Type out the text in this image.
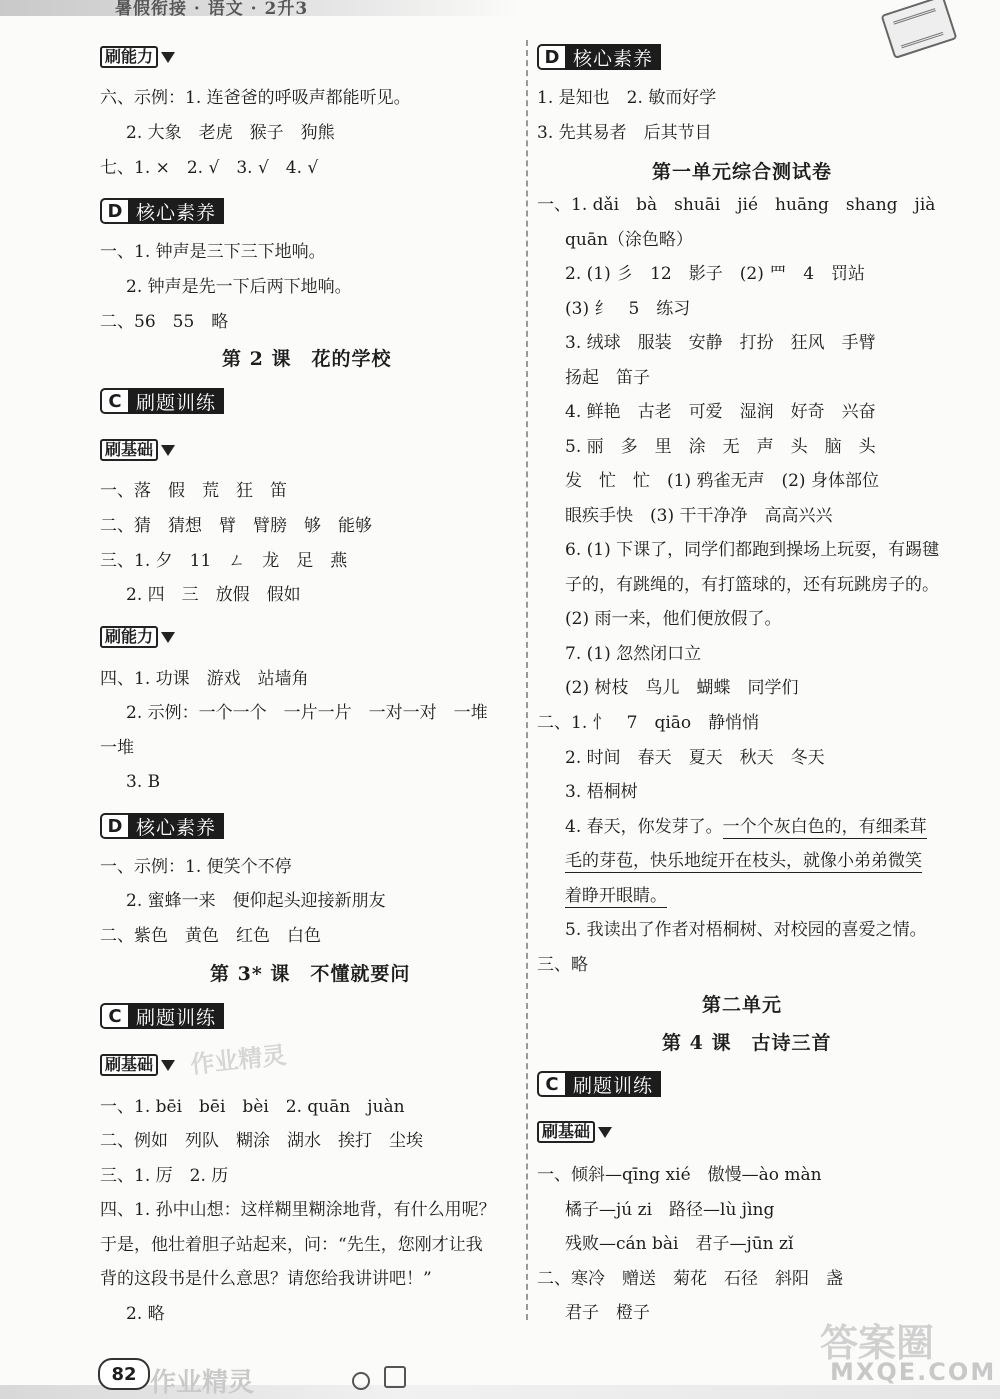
暑假衔接 · 语文 · 2升3
刷能力
六、示例：1. 连爸爸的呼吸声都能听见。
2. 大象　老虎　猴子　狗熊
七、1. ×　2. √　3. √　4. √
D 核心素养
一、1. 钟声是三下三下地响。
2. 钟声是先一下后两下地响。
二、56　55　略
第 2 课　花的学校
C 刷题训练
刷基础
一、落　假　荒　狂　笛
二、猜　猜想　臂　臂膀　够　能够
三、1. 夕　11　ㄥ　龙　足　燕
2. 四　三　放假　假如
刷能力
四、1. 功课　游戏　站墙角
2. 示例：一个一个　一片一片　一对一对　一堆
一堆
3. B
D 核心素养
一、示例：1. 便笑个不停
2. 蜜蜂一来　便仰起头迎接新朋友
二、紫色　黄色　红色　白色
第 3* 课　不懂就要问
C 刷题训练
刷基础
一、1. bēi　bēi　bèi　2. quān　juàn
二、例如　列队　糊涂　湖水　挨打　尘埃
三、1. 厉　2. 历
四、1. 孙中山想：这样糊里糊涂地背，有什么用呢？
于是，他壮着胆子站起来，问：“先生，您刚才让我
背的这段书是什么意思？请您给我讲讲吧！”
2. 略
D 核心素养
1. 是知也　2. 敏而好学
3. 先其易者　后其节目
第一单元综合测试卷
一、1. dǎi　bà　shuāi　jié　huāng　shang　jià
quān（涂色略）
2. (1) 彡　12　影子　(2) 罒　4　罚站
(3) 纟　5　练习
3. 绒球　服装　安静　打扮　狂风　手臂
扬起　笛子
4. 鲜艳　古老　可爱　湿润　好奇　兴奋
5. 丽　多　里　涂　无　声　头　脑　头
发　忙　忙　(1) 鸦雀无声　(2) 身体部位
眼疾手快　(3) 干干净净　高高兴兴
6. (1) 下课了，同学们都跑到操场上玩耍，有踢毽
子的，有跳绳的，有打篮球的，还有玩跳房子的。
(2) 雨一来，他们便放假了。
7. (1) 忽然闭口立
(2) 树枝　鸟儿　蝴蝶　同学们
二、1. 忄　7　qiāo　静悄悄
2. 时间　春天　夏天　秋天　冬天
3. 梧桐树
4. 春天，你发芽了。一个个灰白色的，有细柔茸
毛的芽苞，快乐地绽开在枝头，就像小弟弟微笑
着睁开眼睛。
5. 我读出了作者对梧桐树、对校园的喜爱之情。
三、略
第二单元
第 4 课　古诗三首
C 刷题训练
刷基础
一、倾斜—qīng xié　傲慢—ào màn
橘子—jú zi　路径—lù jìng
残败—cán bài　君子—jūn zǐ
二、寒冷　赠送　菊花　石径　斜阳　盏
君子　橙子
作业精灵
82 作业精灵
答案圈
MXQE.COM
